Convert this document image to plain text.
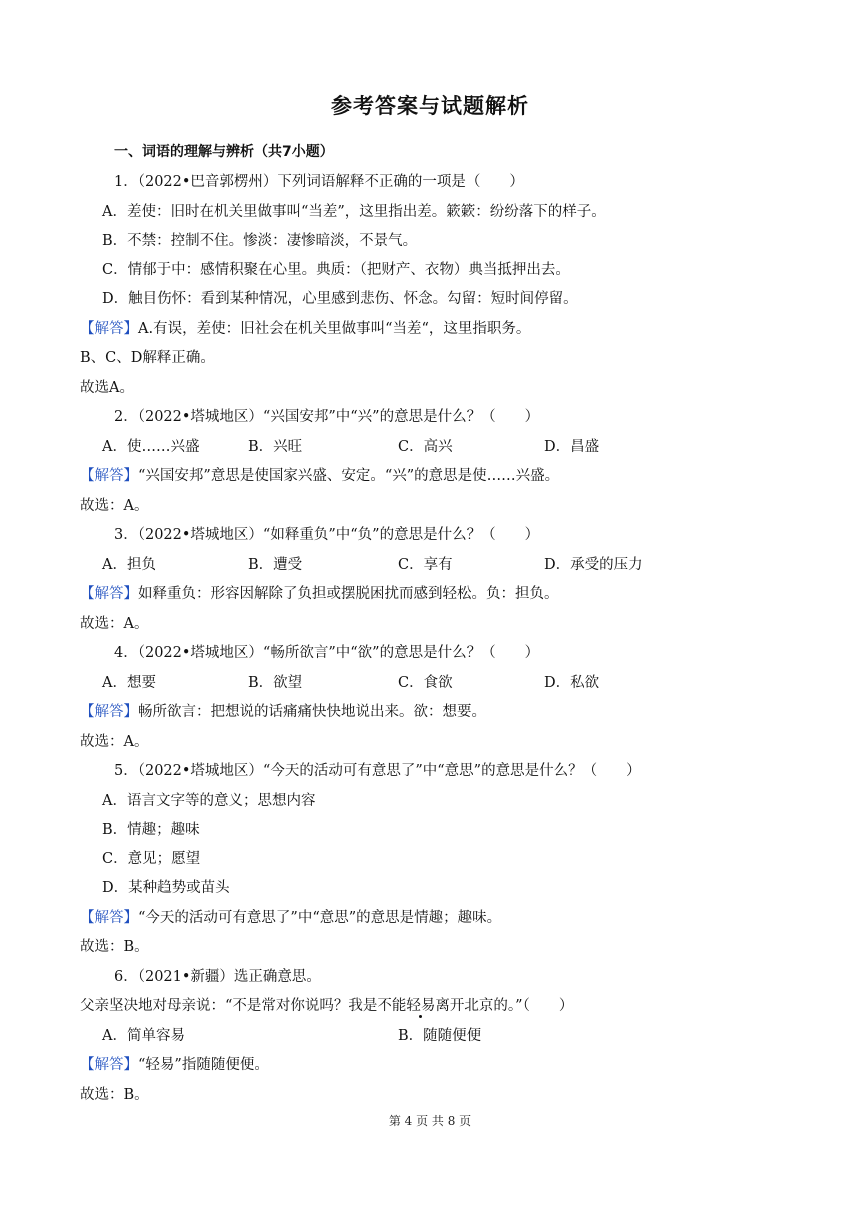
参考答案与试题解析
一、词语的理解与辨析（共7小题）
1．（2022•巴音郭楞州）下列词语解释不正确的一项是（　　）
A．差使：旧时在机关里做事叫“当差”，这里指出差。簌簌：纷纷落下的样子。
B．不禁：控制不住。惨淡：凄惨暗淡，不景气。
C．情郁于中：感情积聚在心里。典质：（把财产、衣物）典当抵押出去。
D．触目伤怀：看到某种情况，心里感到悲伤、怀念。勾留：短时间停留。
【解答】A.有误，差使：旧社会在机关里做事叫“当差“，这里指职务。
B、C、D解释正确。
故选A。
2．（2022•塔城地区）“兴国安邦”中“兴”的意思是什么？（　　）
A．使……兴盛	B．兴旺	C．高兴	D．昌盛
【解答】“兴国安邦”意思是使国家兴盛、安定。“兴”的意思是使……兴盛。
故选：A。
3．（2022•塔城地区）“如释重负”中“负”的意思是什么？（　　）
A．担负	B．遭受	C．享有	D．承受的压力
【解答】如释重负：形容因解除了负担或摆脱困扰而感到轻松。负：担负。
故选：A。
4．（2022•塔城地区）“畅所欲言”中“欲”的意思是什么？（　　）
A．想要	B．欲望	C．食欲	D．私欲
【解答】畅所欲言：把想说的话痛痛快快地说出来。欲：想要。
故选：A。
5．（2022•塔城地区）“今天的活动可有意思了”中“意思”的意思是什么？（　　）
A．语言文字等的意义；思想内容
B．情趣；趣味
C．意见；愿望
D．某种趋势或苗头
【解答】“今天的活动可有意思了”中“意思”的意思是情趣；趣味。
故选：B。
6．（2021•新疆）选正确意思。
父亲坚决地对母亲说：“不是常对你说吗？我是不能轻易离开北京的。”（　　）
A．简单容易	B．随随便便
【解答】“轻易”指随随便便。
故选：B。
第 4 页 共 8 页
